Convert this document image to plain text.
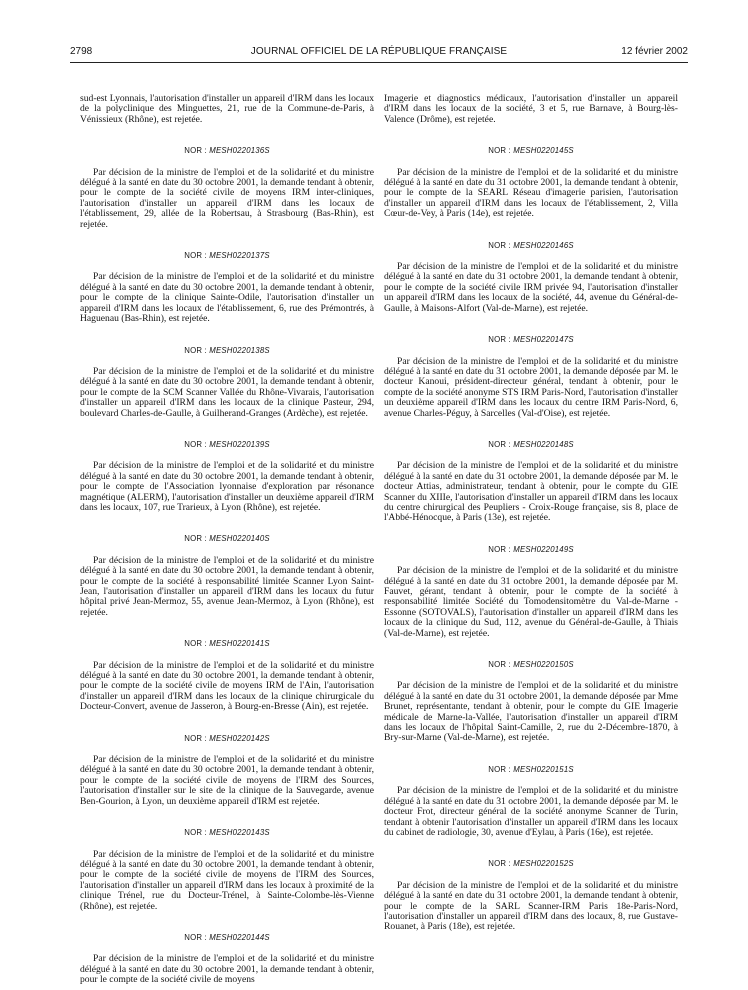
2798	JOURNAL OFFICIEL DE LA RÉPUBLIQUE FRANÇAISE	12 février 2002

sud-est Lyonnais, l'autorisation d'installer un appareil d'IRM dans les locaux de la polyclinique des Minguettes, 21, rue de la Commune-de-Paris, à Vénissieux (Rhône), est rejetée.

NOR : MESH0220136S

Par décision de la ministre de l'emploi et de la solidarité et du ministre délégué à la santé en date du 30 octobre 2001, la demande tendant à obtenir, pour le compte de la société civile de moyens IRM inter-cliniques, l'autorisation d'installer un appareil d'IRM dans les locaux de l'établissement, 29, allée de la Robertsau, à Strasbourg (Bas-Rhin), est rejetée.

NOR : MESH0220137S

Par décision de la ministre de l'emploi et de la solidarité et du ministre délégué à la santé en date du 30 octobre 2001, la demande tendant à obtenir, pour le compte de la clinique Sainte-Odile, l'autorisation d'installer un appareil d'IRM dans les locaux de l'établissement, 6, rue des Prémontrés, à Haguenau (Bas-Rhin), est rejetée.

NOR : MESH0220138S

Par décision de la ministre de l'emploi et de la solidarité et du ministre délégué à la santé en date du 30 octobre 2001, la demande tendant à obtenir, pour le compte de la SCM Scanner Vallée du Rhône-Vivarais, l'autorisation d'installer un appareil d'IRM dans les locaux de la clinique Pasteur, 294, boulevard Charles-de-Gaulle, à Guilherand-Granges (Ardèche), est rejetée.

NOR : MESH0220139S

Par décision de la ministre de l'emploi et de la solidarité et du ministre délégué à la santé en date du 30 octobre 2001, la demande tendant à obtenir, pour le compte de l'Association lyonnaise d'exploration par résonance magnétique (ALERM), l'autorisation d'installer un deuxième appareil d'IRM dans les locaux, 107, rue Trarieux, à Lyon (Rhône), est rejetée.

NOR : MESH0220140S

Par décision de la ministre de l'emploi et de la solidarité et du ministre délégué à la santé en date du 30 octobre 2001, la demande tendant à obtenir, pour le compte de la société à responsabilité limitée Scanner Lyon Saint-Jean, l'autorisation d'installer un appareil d'IRM dans les locaux du futur hôpital privé Jean-Mermoz, 55, avenue Jean-Mermoz, à Lyon (Rhône), est rejetée.

NOR : MESH0220141S

Par décision de la ministre de l'emploi et de la solidarité et du ministre délégué à la santé en date du 30 octobre 2001, la demande tendant à obtenir, pour le compte de la société civile de moyens IRM de l'Ain, l'autorisation d'installer un appareil d'IRM dans les locaux de la clinique chirurgicale du Docteur-Convert, avenue de Jasseron, à Bourg-en-Bresse (Ain), est rejetée.

NOR : MESH0220142S

Par décision de la ministre de l'emploi et de la solidarité et du ministre délégué à la santé en date du 30 octobre 2001, la demande tendant à obtenir, pour le compte de la société civile de moyens de l'IRM des Sources, l'autorisation d'installer sur le site de la clinique de la Sauvegarde, avenue Ben-Gourion, à Lyon, un deuxième appareil d'IRM est rejetée.

NOR : MESH0220143S

Par décision de la ministre de l'emploi et de la solidarité et du ministre délégué à la santé en date du 30 octobre 2001, la demande tendant à obtenir, pour le compte de la société civile de moyens de l'IRM des Sources, l'autorisation d'installer un appareil d'IRM dans les locaux à proximité de la clinique Trénel, rue du Docteur-Trénel, à Sainte-Colombe-lès-Vienne (Rhône), est rejetée.

NOR : MESH0220144S

Par décision de la ministre de l'emploi et de la solidarité et du ministre délégué à la santé en date du 30 octobre 2001, la demande tendant à obtenir, pour le compte de la société civile de moyens

Imagerie et diagnostics médicaux, l'autorisation d'installer un appareil d'IRM dans les locaux de la société, 3 et 5, rue Barnave, à Bourg-lès-Valence (Drôme), est rejetée.

NOR : MESH0220145S

Par décision de la ministre de l'emploi et de la solidarité et du ministre délégué à la santé en date du 31 octobre 2001, la demande tendant à obtenir, pour le compte de la SEARL Réseau d'imagerie parisien, l'autorisation d'installer un appareil d'IRM dans les locaux de l'établissement, 2, Villa Cœur-de-Vey, à Paris (14e), est rejetée.

NOR : MESH0220146S

Par décision de la ministre de l'emploi et de la solidarité et du ministre délégué à la santé en date du 31 octobre 2001, la demande tendant à obtenir, pour le compte de la société civile IRM privée 94, l'autorisation d'installer un appareil d'IRM dans les locaux de la société, 44, avenue du Général-de-Gaulle, à Maisons-Alfort (Val-de-Marne), est rejetée.

NOR : MESH0220147S

Par décision de la ministre de l'emploi et de la solidarité et du ministre délégué à la santé en date du 31 octobre 2001, la demande déposée par M. le docteur Kanoui, président-directeur général, tendant à obtenir, pour le compte de la société anonyme STS IRM Paris-Nord, l'autorisation d'installer un deuxième appareil d'IRM dans les locaux du centre IRM Paris-Nord, 6, avenue Charles-Péguy, à Sarcelles (Val-d'Oise), est rejetée.

NOR : MESH0220148S

Par décision de la ministre de l'emploi et de la solidarité et du ministre délégué à la santé en date du 31 octobre 2001, la demande déposée par M. le docteur Attias, administrateur, tendant à obtenir, pour le compte du GIE Scanner du XIIIe, l'autorisation d'installer un appareil d'IRM dans les locaux du centre chirurgical des Peupliers - Croix-Rouge française, sis 8, place de l'Abbé-Hénocque, à Paris (13e), est rejetée.

NOR : MESH0220149S

Par décision de la ministre de l'emploi et de la solidarité et du ministre délégué à la santé en date du 31 octobre 2001, la demande déposée par M. Fauvet, gérant, tendant à obtenir, pour le compte de la société à responsabilité limitée Société du Tomodensitomètre du Val-de-Marne - Essonne (SOTOVALS), l'autorisation d'installer un appareil d'IRM dans les locaux de la clinique du Sud, 112, avenue du Général-de-Gaulle, à Thiais (Val-de-Marne), est rejetée.

NOR : MESH0220150S

Par décision de la ministre de l'emploi et de la solidarité et du ministre délégué à la santé en date du 31 octobre 2001, la demande déposée par Mme Brunet, représentante, tendant à obtenir, pour le compte du GIE Imagerie médicale de Marne-la-Vallée, l'autorisation d'installer un appareil d'IRM dans les locaux de l'hôpital Saint-Camille, 2, rue du 2-Décembre-1870, à Bry-sur-Marne (Val-de-Marne), est rejetée.

NOR : MESH0220151S

Par décision de la ministre de l'emploi et de la solidarité et du ministre délégué à la santé en date du 31 octobre 2001, la demande déposée par M. le docteur Frot, directeur général de la société anonyme Scanner de Turin, tendant à obtenir l'autorisation d'installer un appareil d'IRM dans les locaux du cabinet de radiologie, 30, avenue d'Eylau, à Paris (16e), est rejetée.

NOR : MESH0220152S

Par décision de la ministre de l'emploi et de la solidarité et du ministre délégué à la santé en date du 31 octobre 2001, la demande tendant à obtenir, pour le compte de la SARL Scanner-IRM Paris 18e-Paris-Nord, l'autorisation d'installer un appareil d'IRM dans des locaux, 8, rue Gustave-Rouanet, à Paris (18e), est rejetée.
